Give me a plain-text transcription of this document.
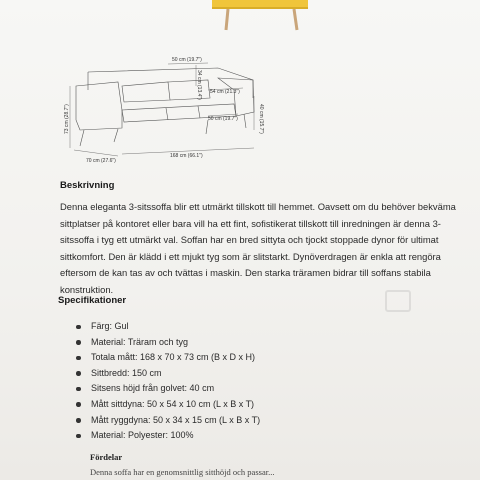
50 cm (19.7")
34 cm (13.4") 54 cm (21.3")
50 cm (19.7")
73 cm (28.7")	40 cm (15.7")
70 cm (27.6")
168 cm (66.1")
Beskrivning
Denna eleganta 3-sitssoffa blir ett utmärkt tillskott till hemmet. Oavsett om du behöver bekväma sittplatser på kontoret eller bara vill ha ett fint, sofistikerat tillskott till inredningen är denna 3-sitssoffa i tyg ett utmärkt val. Soffan har en bred sittyta och tjockt stoppade dynor för ultimat sittkomfort. Den är klädd i ett mjukt tyg som är slitstarkt. Dynöverdragen är enkla att rengöra eftersom de kan tas av och tvättas i maskin. Den starka träramen bidrar till soffans stabila konstruktion.
Specifikationer
Färg: Gul
Material: Träram och tyg
Totala mått: 168 x 70 x 73 cm (B x D x H)
Sittbredd: 150 cm
Sitsens höjd från golvet: 40 cm
Mått sittdyna: 50 x 54 x 10 cm (L x B x T)
Mått ryggdyna: 50 x 34 x 15 cm (L x B x T)
Material: Polyester: 100%
Fördelar
Denna soffa har en genomsnittlig sitthöjd och passar...
